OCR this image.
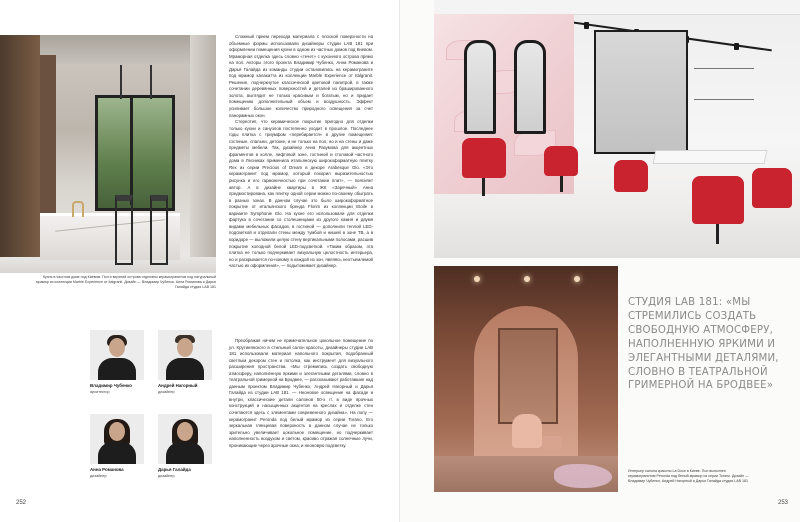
Кухня в частном доме под Киевом. Пол и верхний острова отделаны керамогранитом под натуральный мрамор из коллекции Marble Experience от Italgranit. Дизайн — Владимир Чубенко, Анна Романова и Дарья Галайда студия LAB 181
Владимир Чубенко
архитектор
Андрей Нагорный
дизайнер
Анна Романова
дизайнер
Дарья Галайда
дизайнер

Сложный прием перехода материала с плоской поверхности на объемные формы использовали дизайнеры студии LAB 181 при оформлении помещения кухни в одном из частных домов под Киевом. Мраморная отделка здесь словно «течет» с кухонного острова прямо на пол. Авторы этого проекта Владимир Чубенко, Анна Романова и Дарья Галайда из команды студии остановились на керамограните под мрамор калакатта из коллекции Marble Experience от Italgranit. Решение, подчеркнутое классической цветовой палитрой, в также сочетании деревянных поверхностей и деталей из брашированного золота, выглядит не только красивым и богатым, но и придает помещению дополнительный объем и воздушность. Эффект усиливает большое количество природного освещения за счет панорамных окон.

Стереотип, что керамическое покрытие пригодно для отделки только кухни и санузлов постепенно уходит в прошлое. Последнее годы плитка с триумфом «перебирается» в другие помещения: гостиные, спальни, детские, и не только на пол, но и на стены и даже предметы мебели. Так, дизайнер Анна Разумова для акцентных фрагментов в холле, лифтовой зоне, гостиной и столовой частного дома в Лесниках применила итальянскую широкоформатную плитку Rex из серии Precious of Dream в декоре Arabesque Glo. «Это керамогранит под мрамор, который покорил выразительностью рисунка и его гармоничностью при сочетании плит», — поясняет автор. А в дизайне квартиры в ЖК «Заречный» Анна предмостирована, как плитку одной серии можно по-своему обыграть в разных зонах. В данном случае это было широкоформатное покрытие от итальянского бренда Florim из коллекции Etoile в варианте Symphonie Glo. На кухне его использовали для отделки фартука в сочетании со столешницами из другого камня и двумя видами мебельных фасадов, в гостиной — дополнили теплой LED-подсветкой и отделали стены между тумбой и нишей в зоне ТВ, а в коридоре — выложили целую стену вертикальными полосами, расшив покрытие холодной белой LED-подсветкой. «Таким образом, эта плитка не только подчеркивает визуальную целостность интерьера, но и раскрывается по-новому в каждой из зон, являясь неотъемлемой частью их оформления», — подытоживает дизайнер.

Преображая ничем не примечательное цокольное помещение по ул. Крутинянского в стильный салон красоты, дизайнеры студии LAB 181 использовали материал напольного покрытия, подобранный светлым декором стен и потолка, как инструмент для визуального расширения пространства. «Мы стремились создать свободную атмосферу, наполненную яркими и элегантными деталями, словно в театральной гримерной на Бродвее, — рассказывают работавшие над данным проектом Владимир Чубенко, Андрей Нагорный и Дарья Галайда из студии LAB 181. — Неоновое освещение на фасаде и внутри, классические детали салонов 50-х гг. в виде ярочных конструкций и насыщенных акцентов на креслах и отделке стен сочетаются здесь с элементами современного дизайна». На полу — керамогранит Peronda под белый мрамор из серии Torano. Его зеркальная глянцевая поверхность в данном случае не только зрительно увеличивает цокольное помещение, но подчеркивает наполненность воздухом и светом, красиво отражая солнечные лучи, проникающие через арочные окна, и неоновую подсветку.

252
СТУДИЯ LAB 181: «МЫ СТРЕМИЛИСЬ СОЗДАТЬ СВОБОДНУЮ АТМОСФЕРУ, НАПОЛНЕННУЮ ЯРКИМИ И ЭЛЕГАНТНЫМИ ДЕТАЛЯМИ, СЛОВНО В ТЕАТРАЛЬНОЙ ГРИМЕРНОЙ НА БРОДВЕЕ»
Интерьер салона красоты La Doce в Киеве. Пол выполнен керамогранитом Peronda под белый мрамор из серии Torano. Дизайн — Владимир Чубенко, Андрей Нагорный и Дарья Галайда студия LAB 181
253
